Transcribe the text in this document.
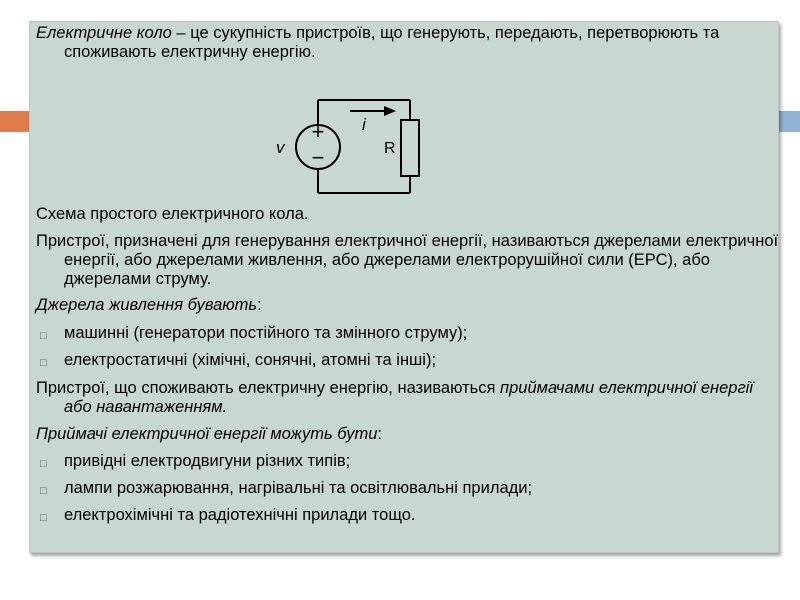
Електричне коло – це сукупність пристроїв, що генерують, передають, перетворюють та споживають електричну енергію.
+
−
v
i
R
Схема простого електричного кола.
Пристрої, призначені для генерування електричної енергії, називаються джерелами електричної енергії, або джерелами живлення, або джерелами електрорушійної сили (ЕРС), або джерелами струму.
Джерела живлення бувають:
□ машинні (генератори постійного та змінного струму);
□ електростатичні (хімічні, сонячні, атомні та інші);
Пристрої, що споживають електричну енергію, називаються приймачами електричної енергії або навантаженням.
Приймачі електричної енергії можуть бути:
□ привідні електродвигуни різних типів;
□ лампи розжарювання, нагрівальні та освітлювальні прилади;
□ електрохімічні та радіотехнічні прилади тощо.
